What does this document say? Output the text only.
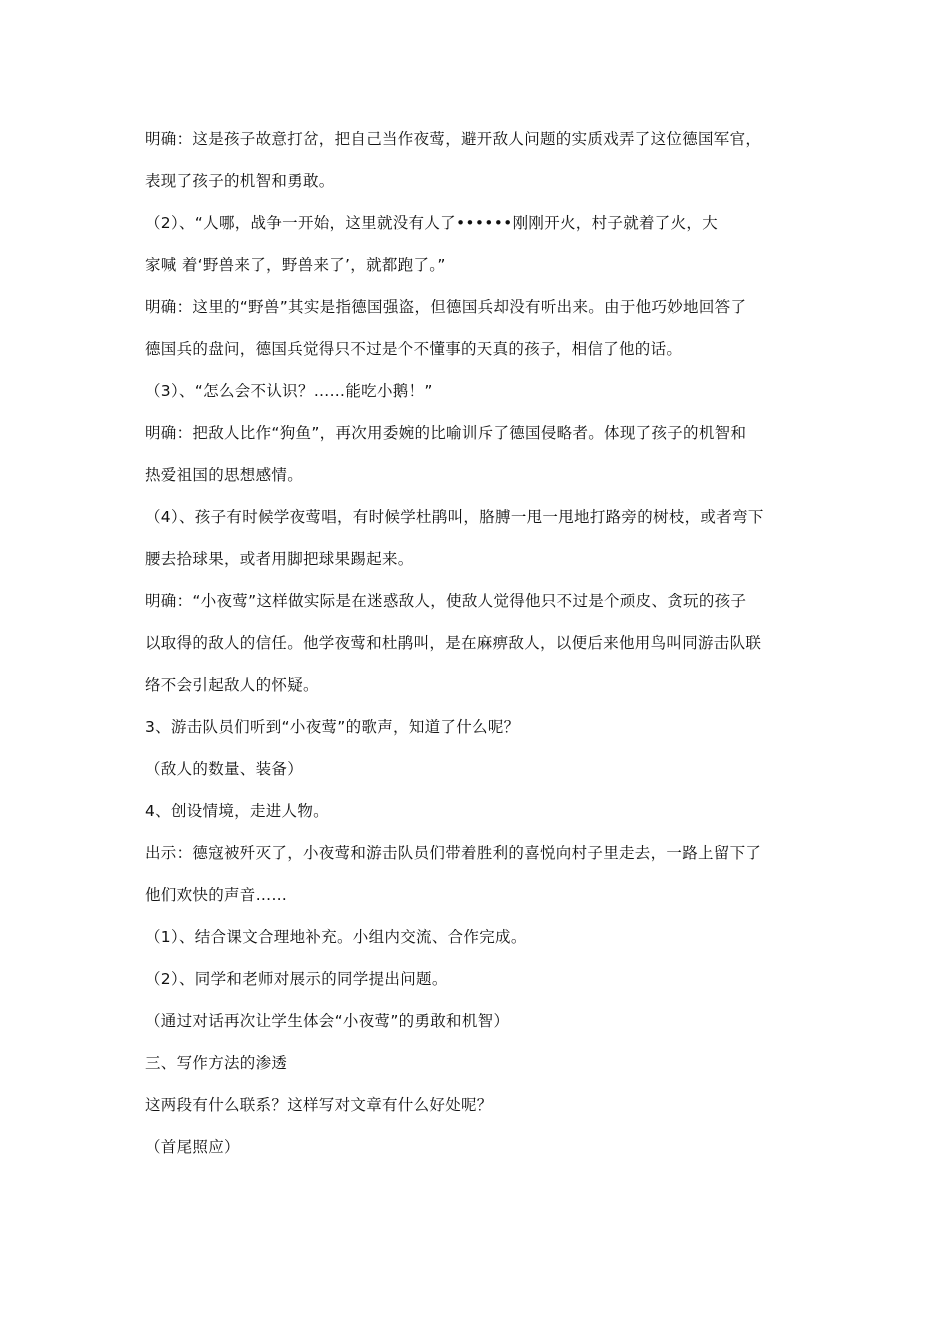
明确：这是孩子故意打岔，把自己当作夜莺，避开敌人问题的实质戏弄了这位德国军官，
表现了孩子的机智和勇敢。
（2）、“人哪，战争一开始，这里就没有人了••••••刚刚开火，村子就着了火，大
家喊 着‘野兽来了，野兽来了’，就都跑了。”
明确：这里的“野兽”其实是指德国强盗，但德国兵却没有听出来。由于他巧妙地回答了
德国兵的盘问，德国兵觉得只不过是个不懂事的天真的孩子，相信了他的话。
（3）、“怎么会不认识？……能吃小鹅！”
明确：把敌人比作“狗鱼”，再次用委婉的比喻训斥了德国侵略者。体现了孩子的机智和
热爱祖国的思想感情。
（4）、孩子有时候学夜莺唱，有时候学杜鹃叫，胳膊一甩一甩地打路旁的树枝，或者弯下
腰去拾球果，或者用脚把球果踢起来。
明确：“小夜莺”这样做实际是在迷惑敌人，使敌人觉得他只不过是个顽皮、贪玩的孩子
以取得的敌人的信任。他学夜莺和杜鹃叫，是在麻痹敌人，以便后来他用鸟叫同游击队联
络不会引起敌人的怀疑。
3、游击队员们听到“小夜莺”的歌声，知道了什么呢？
（敌人的数量、装备）
4、创设情境，走进人物。
出示：德寇被歼灭了，小夜莺和游击队员们带着胜利的喜悦向村子里走去，一路上留下了
他们欢快的声音……
（1）、结合课文合理地补充。小组内交流、合作完成。
（2）、同学和老师对展示的同学提出问题。
（通过对话再次让学生体会“小夜莺”的勇敢和机智）
三、写作方法的渗透
这两段有什么联系？这样写对文章有什么好处呢？
（首尾照应）
